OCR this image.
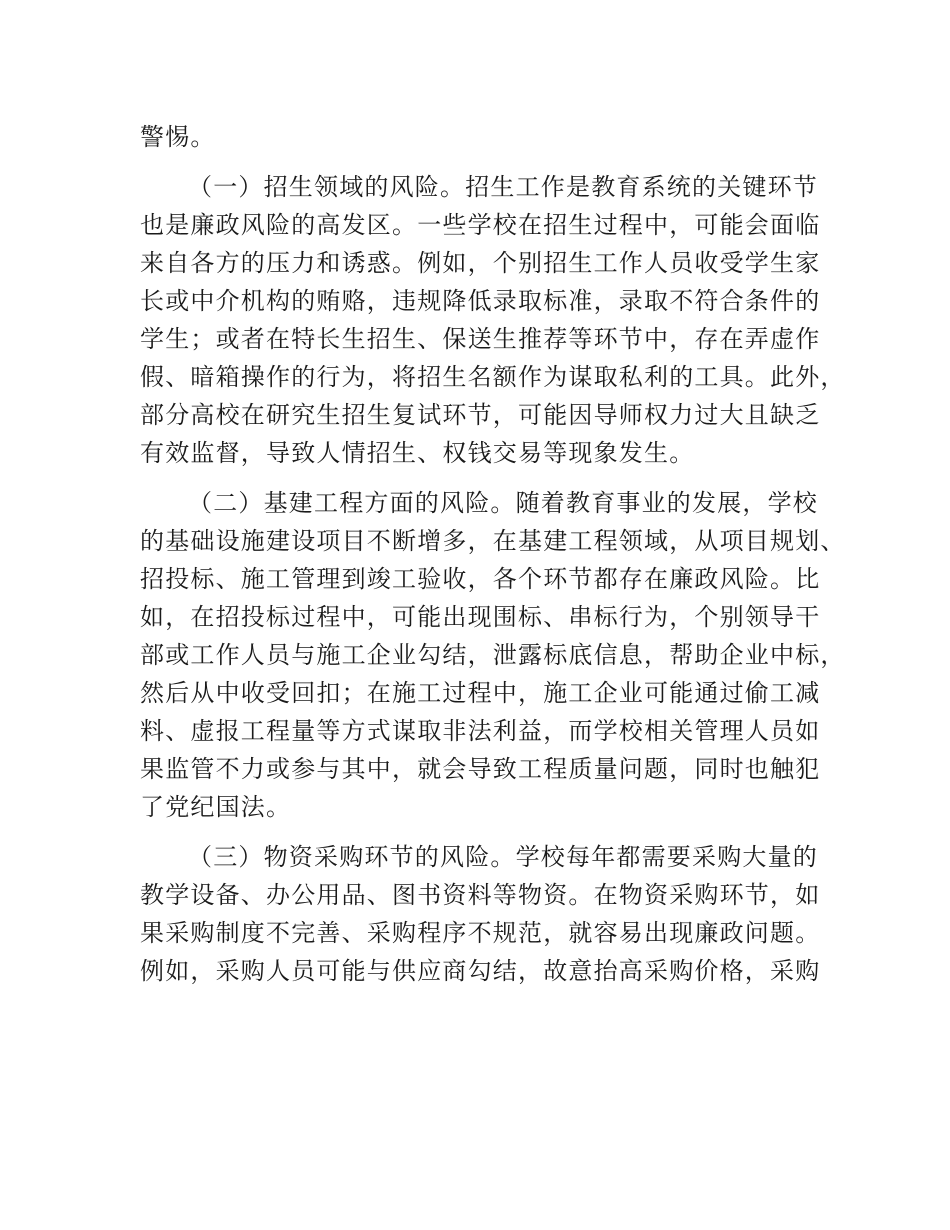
警惕。
（一）招生领域的风险。招生工作是教育系统的关键环节
也是廉政风险的高发区。一些学校在招生过程中，可能会面临
来自各方的压力和诱惑。例如，个别招生工作人员收受学生家
长或中介机构的贿赂，违规降低录取标准，录取不符合条件的
学生；或者在特长生招生、保送生推荐等环节中，存在弄虚作
假、暗箱操作的行为，将招生名额作为谋取私利的工具。此外，
部分高校在研究生招生复试环节，可能因导师权力过大且缺乏
有效监督，导致人情招生、权钱交易等现象发生。
（二）基建工程方面的风险。随着教育事业的发展，学校
的基础设施建设项目不断增多，在基建工程领域，从项目规划、
招投标、施工管理到竣工验收，各个环节都存在廉政风险。比
如，在招投标过程中，可能出现围标、串标行为，个别领导干
部或工作人员与施工企业勾结，泄露标底信息，帮助企业中标，
然后从中收受回扣；在施工过程中，施工企业可能通过偷工减
料、虚报工程量等方式谋取非法利益，而学校相关管理人员如
果监管不力或参与其中，就会导致工程质量问题，同时也触犯
了党纪国法。
（三）物资采购环节的风险。学校每年都需要采购大量的
教学设备、办公用品、图书资料等物资。在物资采购环节，如
果采购制度不完善、采购程序不规范，就容易出现廉政问题。
例如，采购人员可能与供应商勾结，故意抬高采购价格，采购
